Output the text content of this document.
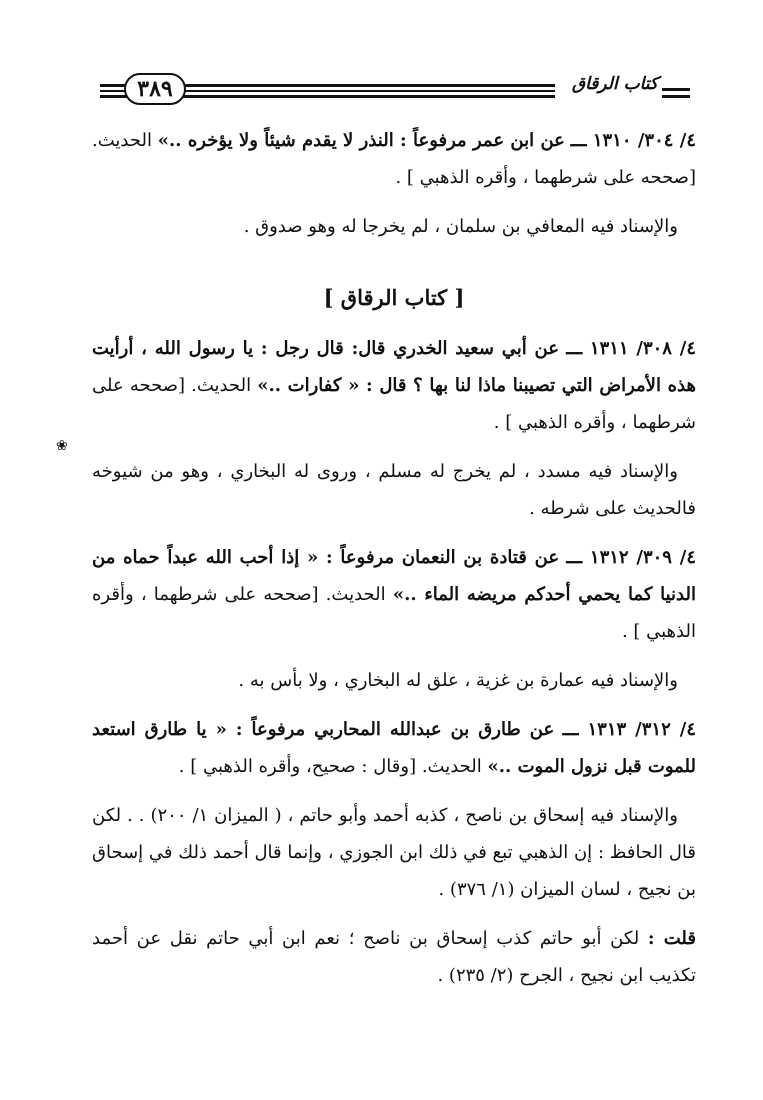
٣٨٩	كتاب الرقاق
❀

٤/ ٣٠٤/ ١٣١٠ ـــ عن ابن عمر مرفوعاً : النذر لا يقدم شيئاً ولا يؤخره ..» الحديث. [صححه على شرطهما ، وأقره الذهبي ] .

والإسناد فيه المعافي بن سلمان ، لم يخرجا له وهو صدوق .

[ كتاب الرقاق ]

٤/ ٣٠٨/ ١٣١١ ـــ عن أبي سعيد الخدري قال: قال رجل : يا رسول الله ، أرأيت هذه الأمراض التي تصيبنا ماذا لنا بها ؟ قال : « كفارات ..» الحديث. [صححه على شرطهما ، وأقره الذهبي ] .

والإسناد فيه مسدد ، لم يخرج له مسلم ، وروى له البخاري ، وهو من شيوخه فالحديث على شرطه .

٤/ ٣٠٩/ ١٣١٢ ـــ عن قتادة بن النعمان مرفوعاً : « إذا أحب الله عبداً حماه من الدنيا كما يحمي أحدكم مريضه الماء ..» الحديث. [صححه على شرطهما ، وأقره الذهبي ] .

والإسناد فيه عمارة بن غزية ، علق له البخاري ، ولا بأس به .

٤/ ٣١٢/ ١٣١٣ ـــ عن طارق بن عبدالله المحاربي مرفوعاً : « يا طارق استعد للموت قبل نزول الموت ..» الحديث. [وقال : صحيح، وأقره الذهبي ] .

والإسناد فيه إسحاق بن ناصح ، كذبه أحمد وأبو حاتم ، ( الميزان ١/ ٢٠٠) . . لكن قال الحافظ : إن الذهبي تبع في ذلك ابن الجوزي ، وإنما قال أحمد ذلك في إسحاق بن نجيح ، لسان الميزان (١/ ٣٧٦) .

قلت : لكن أبو حاتم كذب إسحاق بن ناصح ؛ نعم ابن أبي حاتم نقل عن أحمد تكذيب ابن نجيح ، الجرح (٢/ ٢٣٥) .
